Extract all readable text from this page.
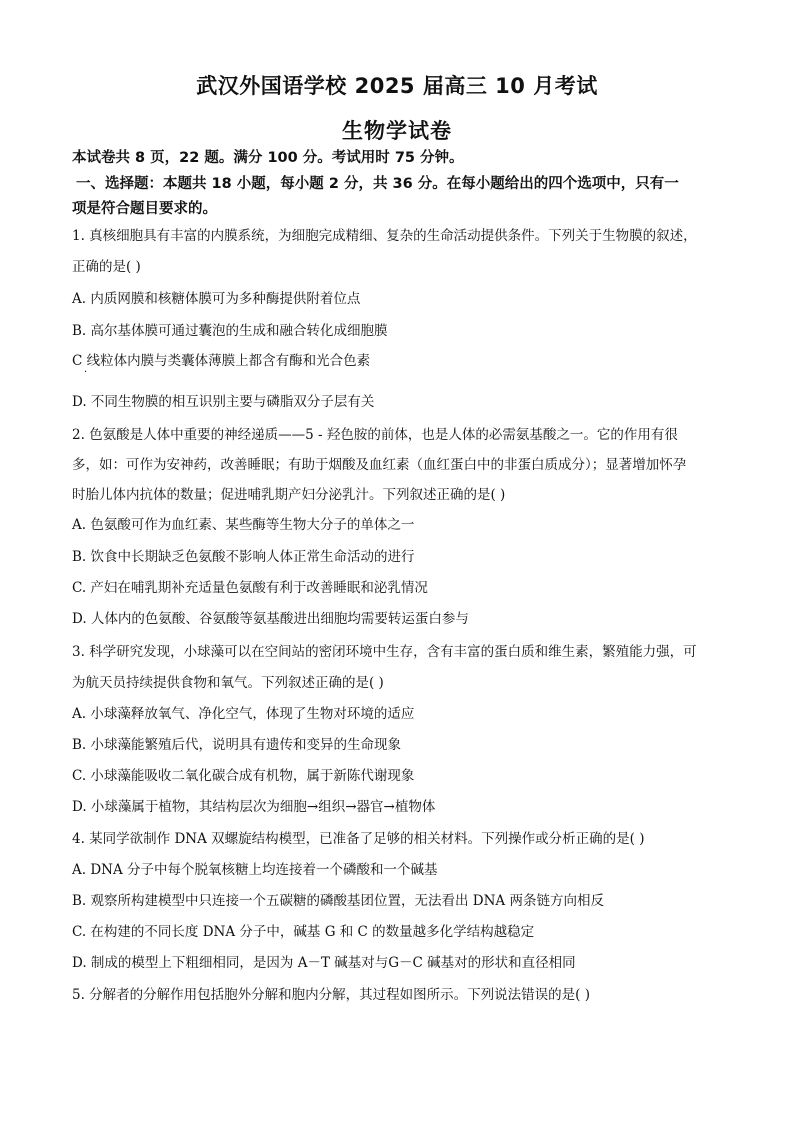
武汉外国语学校 2025 届高三 10 月考试
生物学试卷
本试卷共 8 页，22 题。满分 100 分。考试用时 75 分钟。
一、选择题：本题共 18 小题，每小题 2 分，共 36 分。在每小题给出的四个选项中，只有一
项是符合题目要求的。
1. 真核细胞具有丰富的内膜系统，为细胞完成精细、复杂的生命活动提供条件。下列关于生物膜的叙述，
正确的是( )
A. 内质网膜和核糖体膜可为多种酶提供附着位点
B. 高尔基体膜可通过囊泡的生成和融合转化成细胞膜
C 线粒体内膜与类囊体薄膜上都含有酶和光合色素
·
D. 不同生物膜的相互识别主要与磷脂双分子层有关
2. 色氨酸是人体中重要的神经递质——5 - 羟色胺的前体，也是人体的必需氨基酸之一。它的作用有很
多，如：可作为安神药，改善睡眠；有助于烟酸及血红素（血红蛋白中的非蛋白质成分）；显著增加怀孕
时胎儿体内抗体的数量；促进哺乳期产妇分泌乳汁。下列叙述正确的是( )
A. 色氨酸可作为血红素、某些酶等生物大分子的单体之一
B. 饮食中长期缺乏色氨酸不影响人体正常生命活动的进行
C. 产妇在哺乳期补充适量色氨酸有利于改善睡眠和泌乳情况
D. 人体内的色氨酸、谷氨酸等氨基酸进出细胞均需要转运蛋白参与
3. 科学研究发现，小球藻可以在空间站的密闭环境中生存，含有丰富的蛋白质和维生素，繁殖能力强，可
为航天员持续提供食物和氧气。下列叙述正确的是( )
A. 小球藻释放氧气、净化空气，体现了生物对环境的适应
B. 小球藻能繁殖后代，说明具有遗传和变异的生命现象
C. 小球藻能吸收二氧化碳合成有机物，属于新陈代谢现象
D. 小球藻属于植物，其结构层次为细胞→组织→器官→植物体
4. 某同学欲制作 DNA 双螺旋结构模型，已准备了足够的相关材料。下列操作或分析正确的是( )
A. DNA 分子中每个脱氧核糖上均连接着一个磷酸和一个碱基
B. 观察所构建模型中只连接一个五碳糖的磷酸基团位置，无法看出 DNA 两条链方向相反
C. 在构建的不同长度 DNA 分子中，碱基 G 和 C 的数量越多化学结构越稳定
D. 制成的模型上下粗细相同，是因为 A－T 碱基对与G－C 碱基对的形状和直径相同
5. 分解者的分解作用包括胞外分解和胞内分解，其过程如图所示。下列说法错误的是( )
